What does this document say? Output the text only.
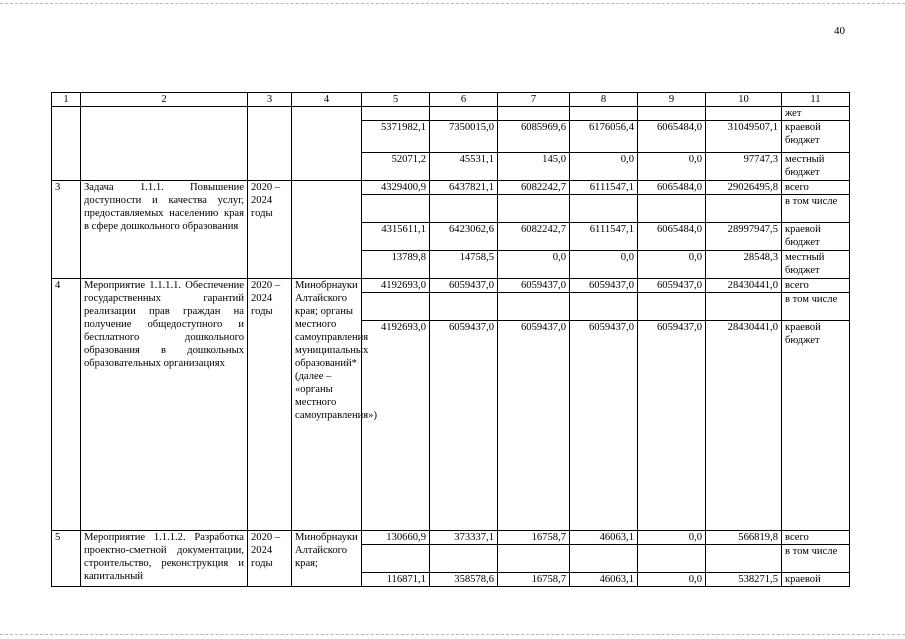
40
1	2	3	4	5	6	7	8	9	10	11
										жет
				5371982,1	7350015,0	6085969,6	6176056,4	6065484,0	31049507,1	краевой бюджет
				52071,2	45531,1	145,0	0,0	0,0	97747,3	местный бюджет
3	Задача 1.1.1. Повышение доступности и качества услуг, предоставляемых населению края в сфере дошкольного образования	2020 – 2024 годы		4329400,9	6437821,1	6082242,7	6111547,1	6065484,0	29026495,8	всего
										в том числе
				4315611,1	6423062,6	6082242,7	6111547,1	6065484,0	28997947,5	краевой бюджет
				13789,8	14758,5	0,0	0,0	0,0	28548,3	местный бюджет
4	Мероприятие 1.1.1.1. Обеспечение государственных гарантий реализации прав граждан на получение общедоступного и бесплатного дошкольного образования в дошкольных образовательных организациях	2020 – 2024 годы	Минобрнауки Алтайского края; органы местного самоуправления муниципальных образований* (далее – «органы местного самоуправления»)	4192693,0	6059437,0	6059437,0	6059437,0	6059437,0	28430441,0	всего
										в том числе
				4192693,0	6059437,0	6059437,0	6059437,0	6059437,0	28430441,0	краевой бюджет
5	Мероприятие 1.1.1.2. Разработка проектно-сметной документации, строительство, реконструкция и капитальный	2020 – 2024 годы	Минобрнауки Алтайского края;	130660,9	373337,1	16758,7	46063,1	0,0	566819,8	всего
										в том числе
				116871,1	358578,6	16758,7	46063,1	0,0	538271,5	краевой
